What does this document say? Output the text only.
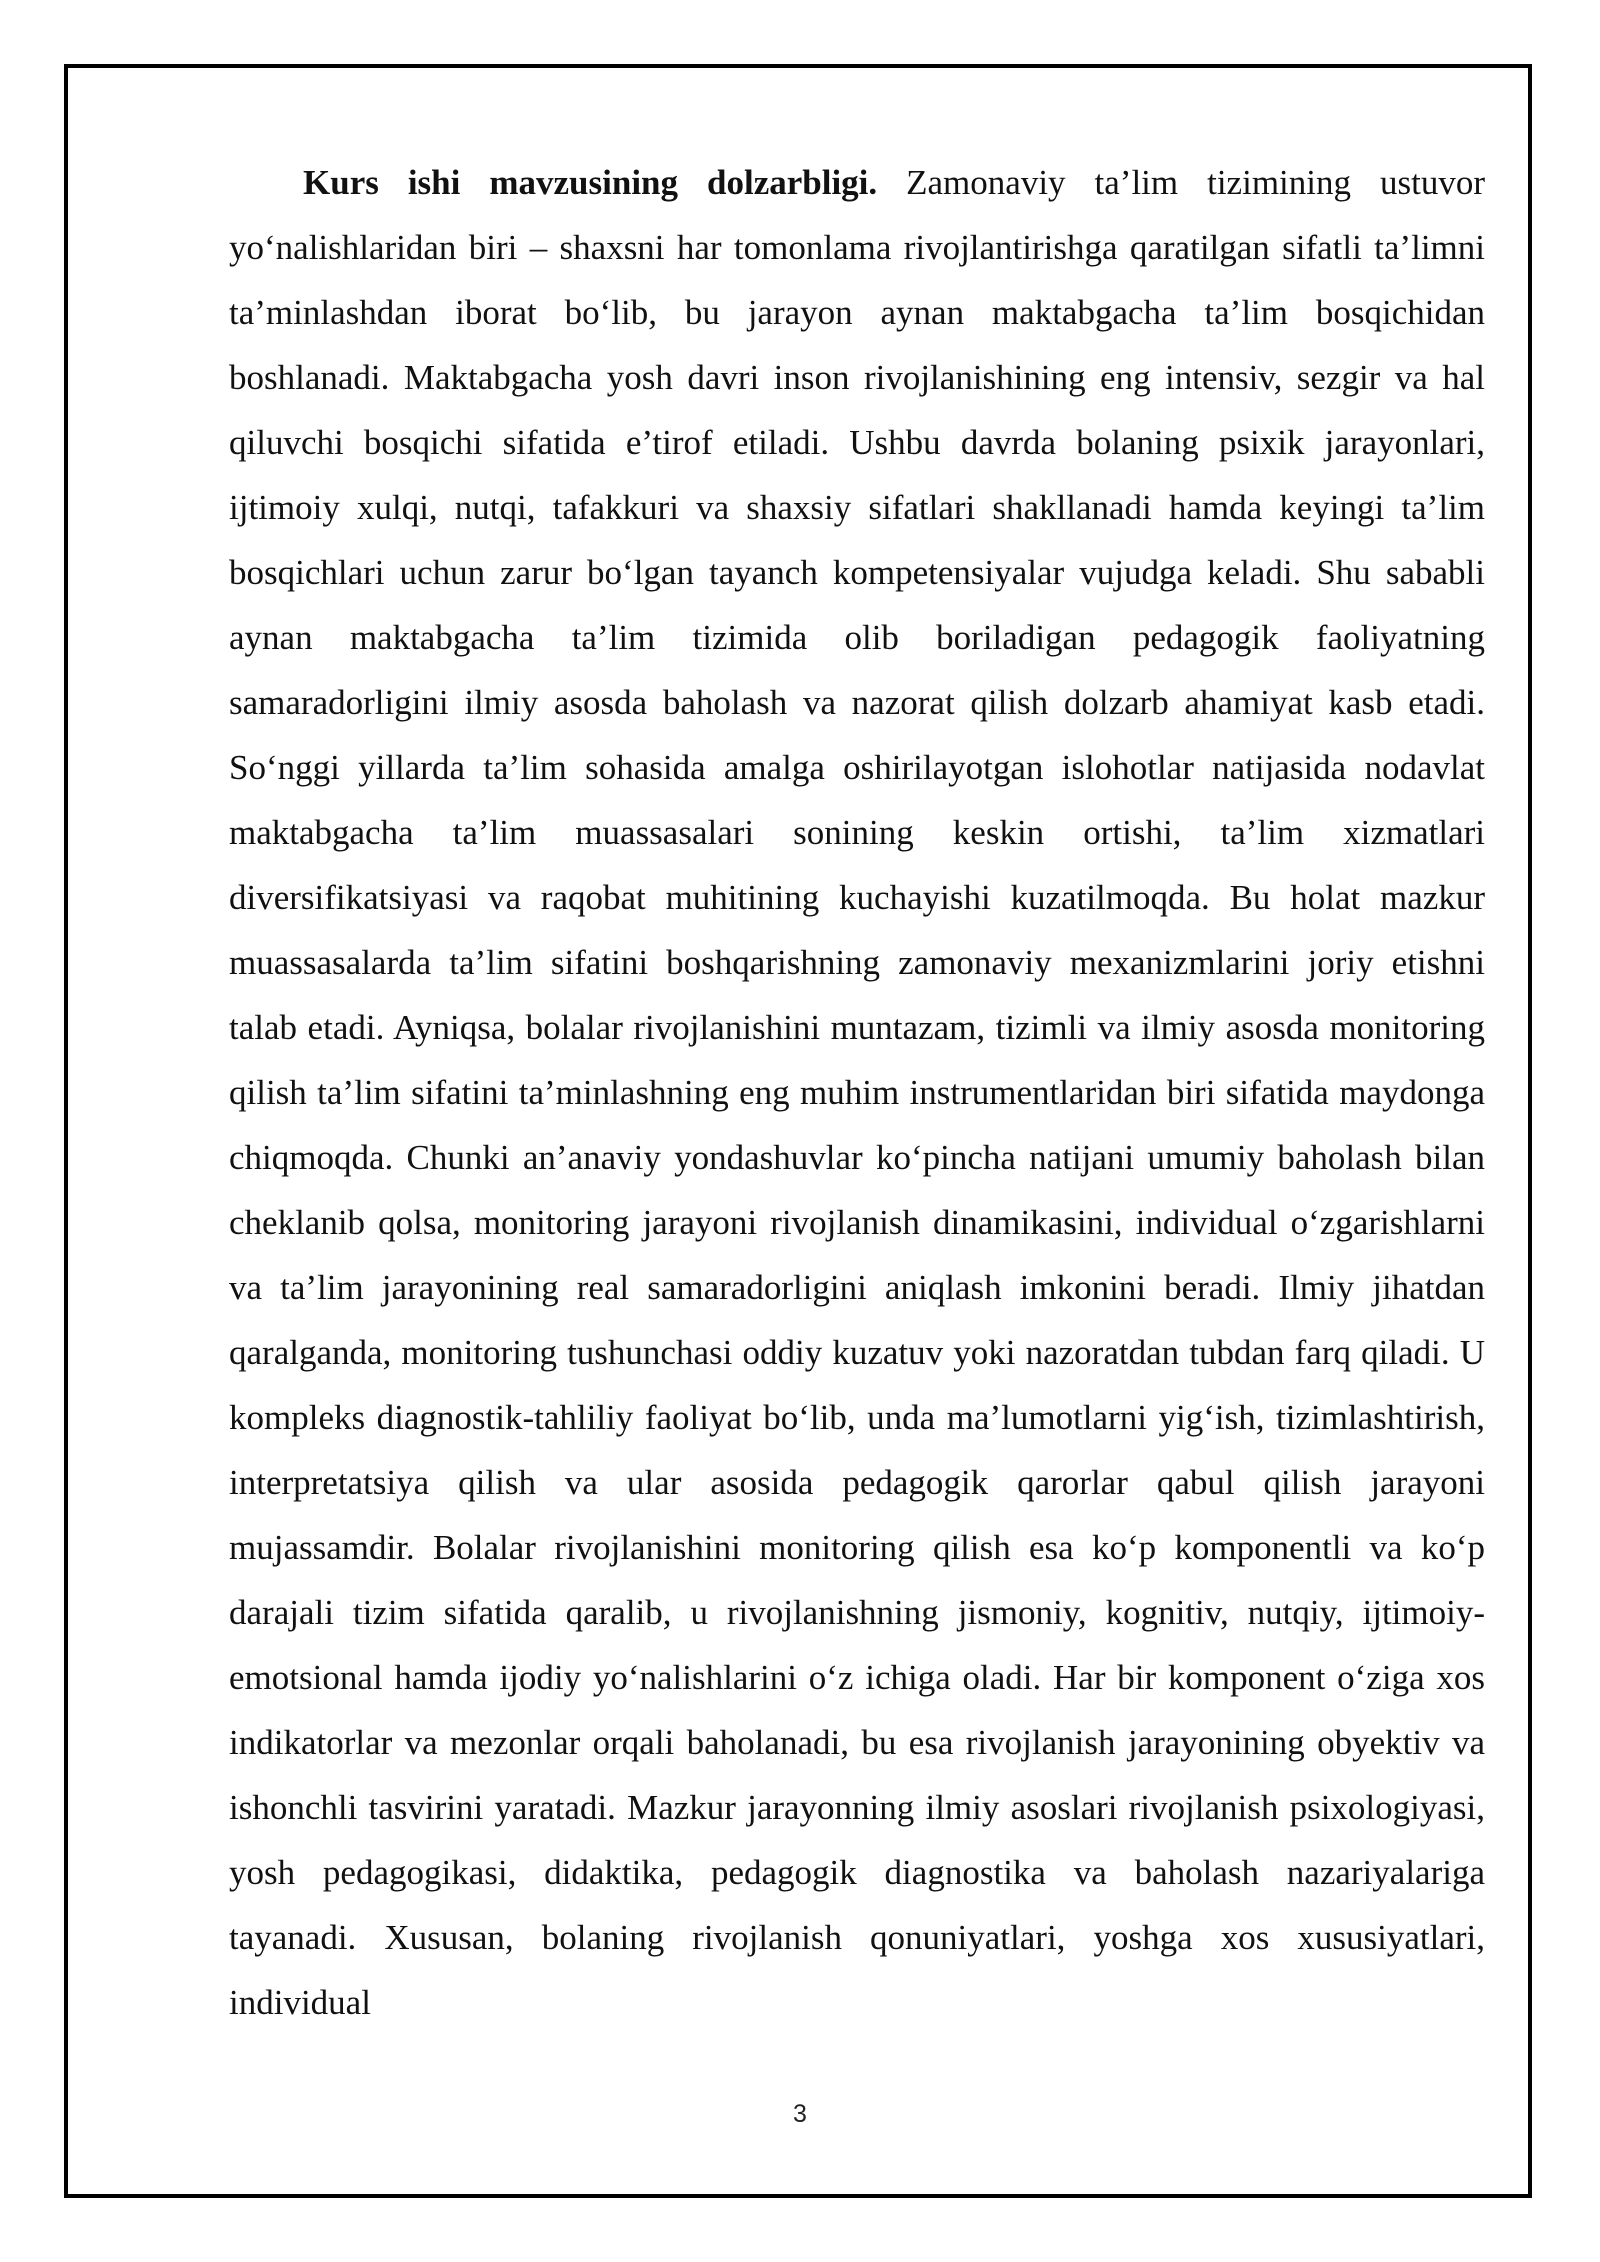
Kurs ishi mavzusining dolzarbligi. Zamonaviy ta’lim tizimining ustuvor yo‘nalishlaridan biri – shaxsni har tomonlama rivojlantirishga qaratilgan sifatli ta’limni ta’minlashdan iborat bo‘lib, bu jarayon aynan maktabgacha ta’lim bosqichidan boshlanadi. Maktabgacha yosh davri inson rivojlanishining eng intensiv, sezgir va hal qiluvchi bosqichi sifatida e’tirof etiladi. Ushbu davrda bolaning psixik jarayonlari, ijtimoiy xulqi, nutqi, tafakkuri va shaxsiy sifatlari shakllanadi hamda keyingi ta’lim bosqichlari uchun zarur bo‘lgan tayanch kompetensiyalar vujudga keladi. Shu sababli aynan maktabgacha ta’lim tizimida olib boriladigan pedagogik faoliyatning samaradorligini ilmiy asosda baholash va nazorat qilish dolzarb ahamiyat kasb etadi. So‘nggi yillarda ta’lim sohasida amalga oshirilayotgan islohotlar natijasida nodavlat maktabgacha ta’lim muassasalari sonining keskin ortishi, ta’lim xizmatlari diversifikatsiyasi va raqobat muhitining kuchayishi kuzatilmoqda. Bu holat mazkur muassasalarda ta’lim sifatini boshqarishning zamonaviy mexanizmlarini joriy etishni talab etadi. Ayniqsa, bolalar rivojlanishini muntazam, tizimli va ilmiy asosda monitoring qilish ta’lim sifatini ta’minlashning eng muhim instrumentlaridan biri sifatida maydonga chiqmoqda. Chunki an’anaviy yondashuvlar ko‘pincha natijani umumiy baholash bilan cheklanib qolsa, monitoring jarayoni rivojlanish dinamikasini, individual o‘zgarishlarni va ta’lim jarayonining real samaradorligini aniqlash imkonini beradi. Ilmiy jihatdan qaralganda, monitoring tushunchasi oddiy kuzatuv yoki nazoratdan tubdan farq qiladi. U kompleks diagnostik-tahliliy faoliyat bo‘lib, unda ma’lumotlarni yig‘ish, tizimlashtirish, interpretatsiya qilish va ular asosida pedagogik qarorlar qabul qilish jarayoni mujassamdir. Bolalar rivojlanishini monitoring qilish esa ko‘p komponentli va ko‘p darajali tizim sifatida qaralib, u rivojlanishning jismoniy, kognitiv, nutqiy, ijtimoiy-emotsional hamda ijodiy yo‘nalishlarini o‘z ichiga oladi. Har bir komponent o‘ziga xos indikatorlar va mezonlar orqali baholanadi, bu esa rivojlanish jarayonining obyektiv va ishonchli tasvirini yaratadi. Mazkur jarayonning ilmiy asoslari rivojlanish psixologiyasi, yosh pedagogikasi, didaktika, pedagogik diagnostika va baholash nazariyalariga tayanadi. Xususan, bolaning rivojlanish qonuniyatlari, yoshga xos xususiyatlari, individual

3
